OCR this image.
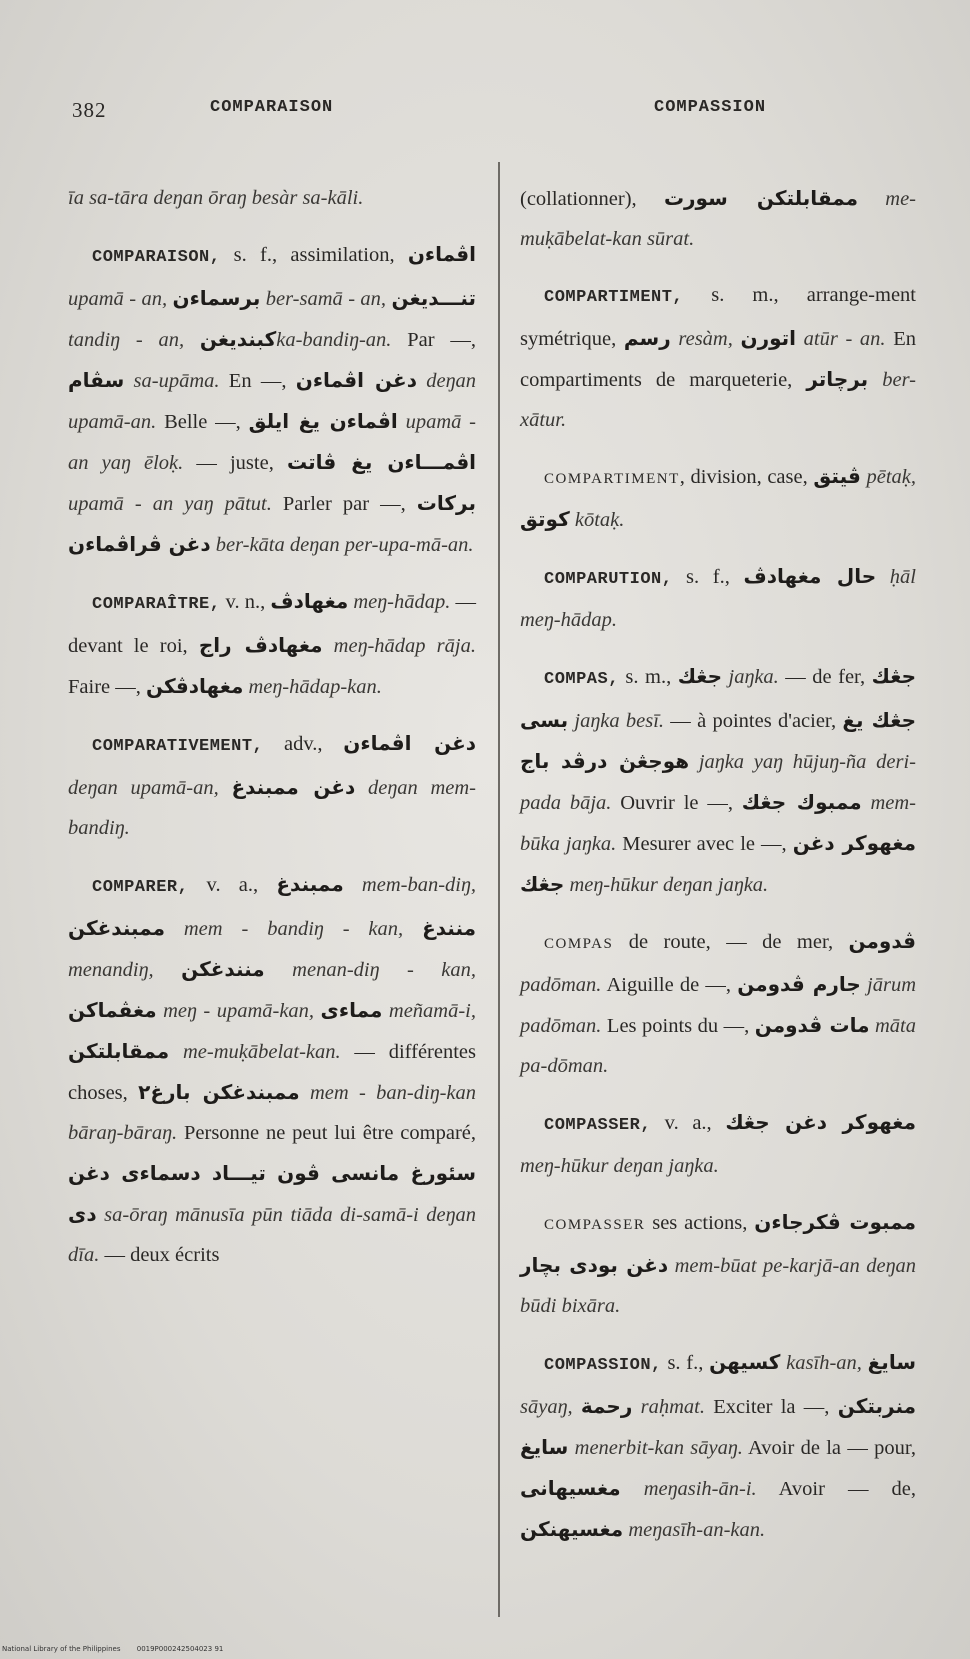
382	COMPARAISON	COMPASSION

īa sa-tāra deŋan ōraŋ besàr sa-kāli.

COMPARAISON, s. f., assimilation, اڤماءن upamā - an, برسماءن ber-samā - an, تنـــديغن tandiŋ - an, كبنديغنka-bandiŋ-an. Par —, سڤام sa-upāma. En —, دغن اڤماءن deŋan upamā-an. Belle —, اڤماءن يغ ايلق upamā - an yaŋ ēloḳ. — juste, اڤمـــاءن يغ ڤاتت upamā - an yaŋ pātut. Parler par —, بركات دغن ڤراڤماءن ber-kāta deŋan per-upa-mā-an.

COMPARAÎTRE, v. n., مغهادڤ meŋ-hādap. — devant le roi, مغهادڤ راج meŋ-hādap rāja. Faire —, مغهادڤكن meŋ-hādap-kan.

COMPARATIVEMENT, adv., دغن اڤماءن deŋan upamā-an, دغن ممبندغ deŋan mem-bandiŋ.

COMPARER, v. a., ممبندغ mem-ban-diŋ, ممبندغكن mem - bandiŋ - kan, منندغ menandiŋ, منندغكن menan-diŋ - kan, مغڤماكن meŋ - upamā-kan, مماءى meñamā-i, ممقابلتكن me-muḳābelat-kan. — différentes choses, ممبندغكن بارغ٢ mem - ban-diŋ-kan bāraŋ-bāraŋ. Personne ne peut lui être comparé, سئورغ مانسى ڤون تيـــاد دسماءى دغن دى sa-ōraŋ mānusīa pūn tiāda di-samā-i deŋan dīa. — deux écrits

(collationner), ممقابلتكن سورت me-muḳābelat-kan sūrat.

COMPARTIMENT, s. m., arrange-ment symétrique, رسم resàm, اتورن atūr - an. En compartiments de marqueterie, برچاتر ber-xātur.

COMPARTIMENT, division, case, ڤيتق pētaḳ, كوتق kōtaḳ.

COMPARUTION, s. f., حال مغهادڤ ḥāl meŋ-hādap.

COMPAS, s. m., جڠك jaŋka. — de fer, جڠك بسى jaŋka besī. — à pointes d'acier, جڠك يغ هوجڠڽ درڤد باج jaŋka yaŋ hūjuŋ-ña deri-pada bāja. Ouvrir le —, ممبوك جڠك mem-būka jaŋka. Mesurer avec le —, مغهوكر دغن جڠك meŋ-hūkur deŋan jaŋka.

COMPAS de route, — de mer, ڤدومن padōman. Aiguille de —, جارم ڤدومن jārum padōman. Les points du —, مات ڤدومن māta pa-dōman.

COMPASSER, v. a., مغهوكر دغن جڠك meŋ-hūkur deŋan jaŋka.

COMPASSER ses actions, ممبوت ڤكرجاءن دغن بودى بچار mem-būat pe-karjā-an deŋan būdi bixāra.

COMPASSION, s. f., كسيهن kasīh-an, سايغ sāyaŋ, رحمة raḥmat. Exciter la —, منربتكن سايغ menerbit-kan sāyaŋ. Avoir de la — pour, مغسيهانى meŋasih-ān-i. Avoir — de, مغسيهنكن meŋasīh-an-kan.

National Library of the Philippines 0019P000242504023 91
